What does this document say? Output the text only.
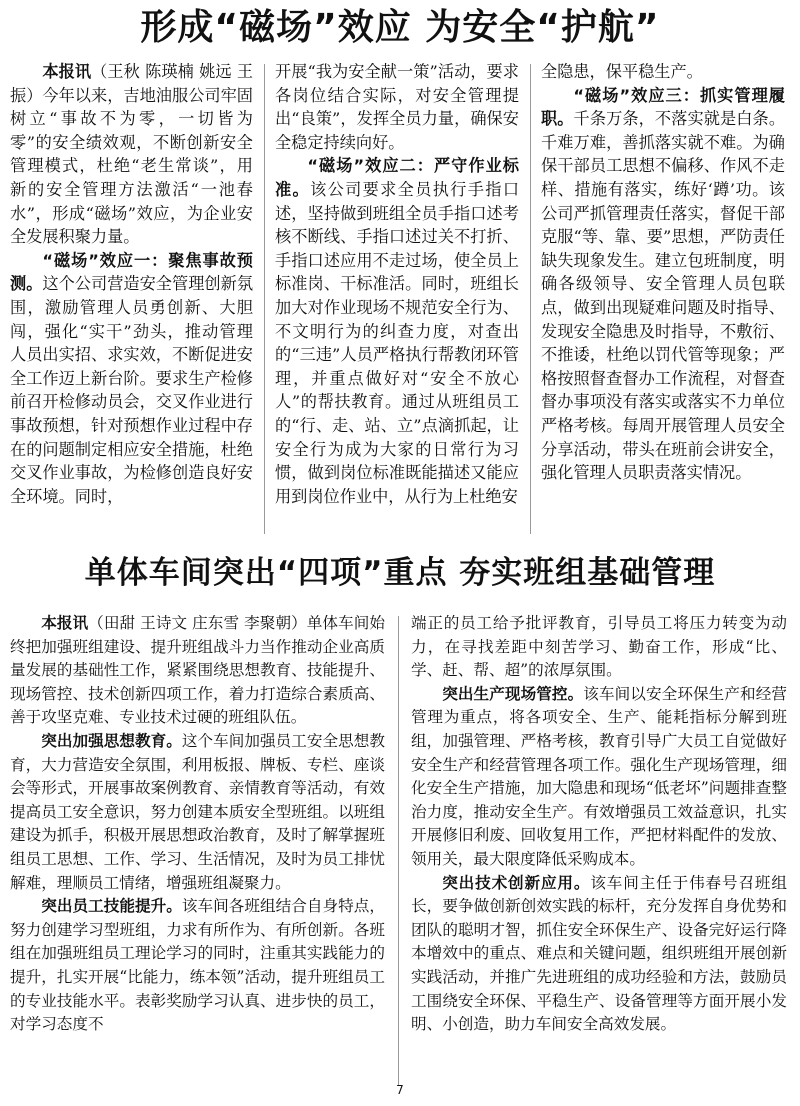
形成“磁场”效应 为安全“护航”

本报讯（王秋 陈瑛楠 姚远 王振）今年以来，吉地油服公司牢固树立“事故不为零，一切皆为零”的安全绩效观，不断创新安全管理模式，杜绝“老生常谈”，用新的安全管理方法激活“一池春水”，形成“磁场”效应，为企业安全发展积聚力量。

“磁场”效应一：聚焦事故预测。这个公司营造安全管理创新氛围，激励管理人员勇创新、大胆闯，强化“实干”劲头，推动管理人员出实招、求实效，不断促进安全工作迈上新台阶。要求生产检修前召开检修动员会，交叉作业进行事故预想，针对预想作业过程中存在的问题制定相应安全措施，杜绝交叉作业事故，为检修创造良好安全环境。同时，

开展“我为安全献一策”活动，要求各岗位结合实际，对安全管理提出“良策”，发挥全员力量，确保安全稳定持续向好。

“磁场”效应二：严守作业标准。该公司要求全员执行手指口述，坚持做到班组全员手指口述考核不断线、手指口述过关不打折、手指口述应用不走过场，使全员上标准岗、干标准活。同时，班组长加大对作业现场不规范安全行为、不文明行为的纠查力度，对查出的“三违”人员严格执行帮教闭环管理，并重点做好对“安全不放心人”的帮扶教育。通过从班组员工的“行、走、站、立”点滴抓起，让安全行为成为大家的日常行为习惯，做到岗位标准既能描述又能应用到岗位作业中，从行为上杜绝安

全隐患，保平稳生产。

“磁场”效应三：抓实管理履职。千条万条，不落实就是白条。千难万难，善抓落实就不难。为确保干部员工思想不偏移、作风不走样、措施有落实，练好‘蹲’功。该公司严抓管理责任落实，督促干部克服“等、靠、要”思想，严防责任缺失现象发生。建立包班制度，明确各级领导、安全管理人员包联点，做到出现疑难问题及时指导、发现安全隐患及时指导，不敷衍、不推诿，杜绝以罚代管等现象；严格按照督查督办工作流程，对督查督办事项没有落实或落实不力单位严格考核。每周开展管理人员安全分享活动，带头在班前会讲安全，强化管理人员职责落实情况。

单体车间突出“四项”重点 夯实班组基础管理

本报讯（田甜 王诗文 庄东雪 李聚朝）单体车间始终把加强班组建设、提升班组战斗力当作推动企业高质量发展的基础性工作，紧紧围绕思想教育、技能提升、现场管控、技术创新四项工作，着力打造综合素质高、善于攻坚克难、专业技术过硬的班组队伍。

突出加强思想教育。这个车间加强员工安全思想教育，大力营造安全氛围，利用板报、牌板、专栏、座谈会等形式，开展事故案例教育、亲情教育等活动，有效提高员工安全意识，努力创建本质安全型班组。以班组建设为抓手，积极开展思想政治教育，及时了解掌握班组员工思想、工作、学习、生活情况，及时为员工排忧解难，理顺员工情绪，增强班组凝聚力。

突出员工技能提升。该车间各班组结合自身特点，努力创建学习型班组，力求有所作为、有所创新。各班组在加强班组员工理论学习的同时，注重其实践能力的提升，扎实开展“比能力，练本领”活动，提升班组员工的专业技能水平。表彰奖励学习认真、进步快的员工，对学习态度不

端正的员工给予批评教育，引导员工将压力转变为动力，在寻找差距中刻苦学习、勤奋工作，形成“比、学、赶、帮、超”的浓厚氛围。

突出生产现场管控。该车间以安全环保生产和经营管理为重点，将各项安全、生产、能耗指标分解到班组，加强管理、严格考核，教育引导广大员工自觉做好安全生产和经营管理各项工作。强化生产现场管理，细化安全生产措施，加大隐患和现场“低老坏”问题排查整治力度，推动安全生产。有效增强员工效益意识，扎实开展修旧利废、回收复用工作，严把材料配件的发放、领用关，最大限度降低采购成本。

突出技术创新应用。该车间主任于伟春号召班组长，要争做创新创效实践的标杆，充分发挥自身优势和团队的聪明才智，抓住安全环保生产、设备完好运行降本增效中的重点、难点和关键问题，组织班组开展创新实践活动，并推广先进班组的成功经验和方法，鼓励员工围绕安全环保、平稳生产、设备管理等方面开展小发明、小创造，助力车间安全高效发展。

7
